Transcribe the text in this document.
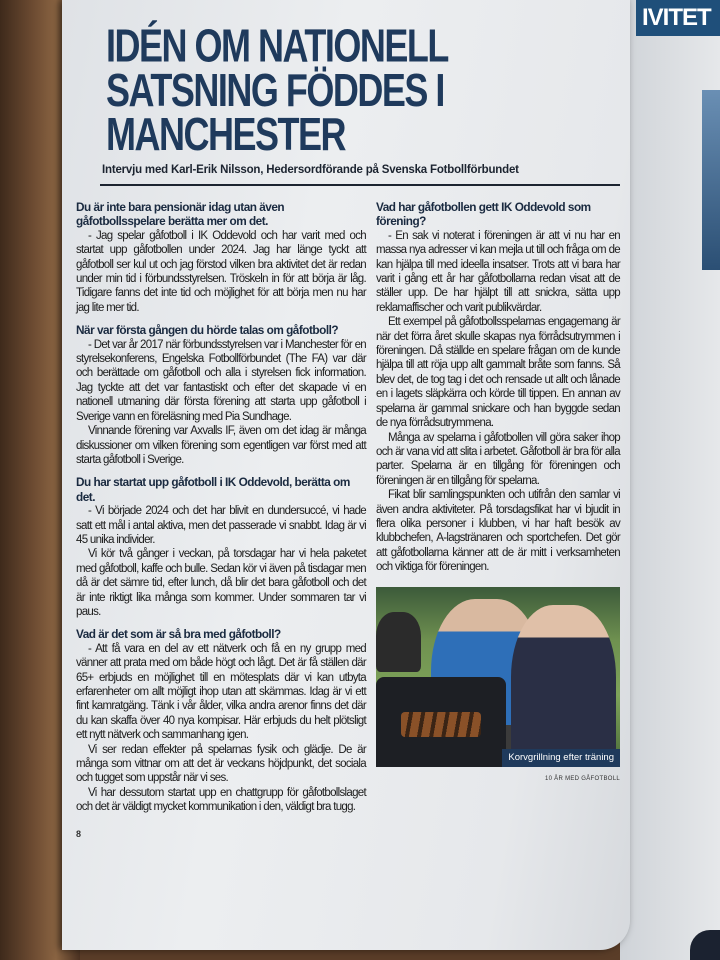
IDÉN OM NATIONELL SATSNING FÖDDES I MANCHESTER
Intervju med Karl-Erik Nilsson, Hedersordförande på Svenska Fotbollförbundet
Du är inte bara pensionär idag utan även gåfotbollsspelare berätta mer om det.

- Jag spelar gåfotboll i IK Oddevold och har varit med och startat upp gåfotbollen under 2024. Jag har länge tyckt att gåfotboll ser kul ut och jag förstod vilken bra aktivitet det är redan under min tid i förbundsstyrelsen. Tröskeln in för att börja är låg. Tidigare fanns det inte tid och möjlighet för att börja men nu har jag lite mer tid.

När var första gången du hörde talas om gåfotboll?

- Det var år 2017 när förbundsstyrelsen var i Manchester för en styrelsekonferens, Engelska Fotbollförbundet (The FA) var där och berättade om gåfotboll och alla i styrelsen fick information. Jag tyckte att det var fantastiskt och efter det skapade vi en nationell utmaning där första förening att starta upp gåfotboll i Sverige vann en föreläsning med Pia Sundhage.

Vinnande förening var Axvalls IF, även om det idag är många diskussioner om vilken förening som egentligen var först med att starta gåfotboll i Sverige.

Du har startat upp gåfotboll i IK Oddevold, berätta om det.

- Vi började 2024 och det har blivit en dundersuccé, vi hade satt ett mål i antal aktiva, men det passerade vi snabbt. Idag är vi 45 unika individer.

Vi kör två gånger i veckan, på torsdagar har vi hela paketet med gåfotboll, kaffe och bulle. Sedan kör vi även på tisdagar men då är det sämre tid, efter lunch, då blir det bara gåfotboll och det är inte riktigt lika många som kommer. Under sommaren tar vi paus.

Vad är det som är så bra med gåfotboll?

- Att få vara en del av ett nätverk och få en ny grupp med vänner att prata med om både högt och lågt. Det är få ställen där 65+ erbjuds en möjlighet till en mötesplats där vi kan utbyta erfarenheter om allt möjligt ihop utan att skämmas. Idag är vi ett fint kamratgäng. Tänk i vår ålder, vilka andra arenor finns det där du kan skaffa över 40 nya kompisar. Här erbjuds du helt plötsligt ett nytt nätverk och sammanhang igen.

Vi ser redan effekter på spelarnas fysik och glädje. De är många som vittnar om att det är veckans höjdpunkt, det sociala och tugget som uppstår när vi ses.

Vi har dessutom startat upp en chattgrupp för gåfotbollslaget och det är väldigt mycket kommunikation i den, väldigt bra tugg.

8
Vad har gåfotbollen gett IK Oddevold som förening?

- En sak vi noterat i föreningen är att vi nu har en massa nya adresser vi kan mejla ut till och fråga om de kan hjälpa till med ideella insatser. Trots att vi bara har varit i gång ett år har gåfotbollarna redan visat att de ställer upp. De har hjälpt till att snickra, sätta upp reklamaffischer och varit publikvärdar.

Ett exempel på gåfotbollsspelarnas engagemang är när det förra året skulle skapas nya förrådsutrymmen i föreningen. Då ställde en spelare frågan om de kunde hjälpa till att röja upp allt gammalt bråte som fanns. Så blev det, de tog tag i det och rensade ut allt och lånade en i lagets släpkärra och körde till tippen. En annan av spelarna är gammal snickare och han byggde sedan de nya förrådsutrymmena.

Många av spelarna i gåfotbollen vill göra saker ihop och är vana vid att slita i arbetet. Gåfotboll är bra för alla parter. Spelarna är en tillgång för föreningen och föreningen är en tillgång för spelarna.

Fikat blir samlingspunkten och utifrån den samlar vi även andra aktiviteter. På torsdagsfikat har vi bjudit in flera olika personer i klubben, vi har haft besök av klubbchefen, A-lagstränaren och sportchefen. Det gör att gåfotbollarna känner att de är mitt i verksamheten och viktiga för föreningen.

Korvgrillning efter träning
10 ÅR MED GÅFOTBOLL
IVITET
